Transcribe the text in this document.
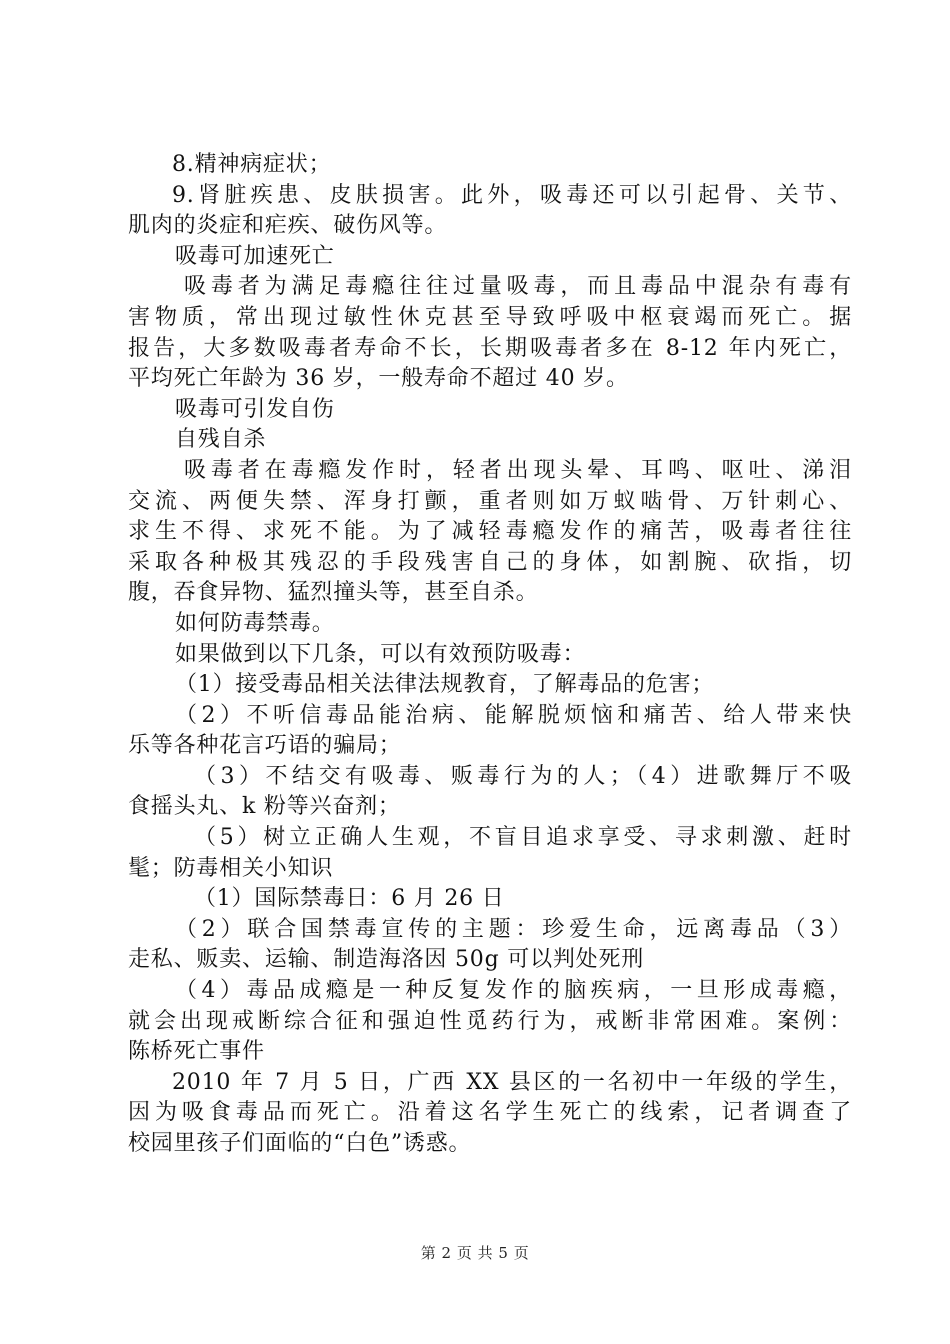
8.精神病症状；
9.肾脏疾患、皮肤损害。此外，吸毒还可以引起骨、关节、
肌肉的炎症和疟疾、破伤风等。
吸毒可加速死亡
吸毒者为满足毒瘾往往过量吸毒，而且毒品中混杂有毒有
害物质，常出现过敏性休克甚至导致呼吸中枢衰竭而死亡。据
报告，大多数吸毒者寿命不长，长期吸毒者多在 8-12 年内死亡，
平均死亡年龄为 36 岁，一般寿命不超过 40 岁。
吸毒可引发自伤
自残自杀
吸毒者在毒瘾发作时，轻者出现头晕、耳鸣、呕吐、涕泪
交流、两便失禁、浑身打颤，重者则如万蚁啮骨、万针刺心、
求生不得、求死不能。为了减轻毒瘾发作的痛苦，吸毒者往往
采取各种极其残忍的手段残害自己的身体，如割腕、砍指，切
腹，吞食异物、猛烈撞头等，甚至自杀。
如何防毒禁毒。
如果做到以下几条，可以有效预防吸毒：
（1）接受毒品相关法律法规教育，了解毒品的危害；
（2）不听信毒品能治病、能解脱烦恼和痛苦、给人带来快
乐等各种花言巧语的骗局；
（3）不结交有吸毒、贩毒行为的人；（4）进歌舞厅不吸
食摇头丸、k 粉等兴奋剂；
（5）树立正确人生观，不盲目追求享受、寻求刺激、赶时
髦；防毒相关小知识
（1）国际禁毒日：6 月 26 日
（2）联合国禁毒宣传的主题：珍爱生命，远离毒品（3）
走私、贩卖、运输、制造海洛因 50g 可以判处死刑
（4）毒品成瘾是一种反复发作的脑疾病，一旦形成毒瘾，
就会出现戒断综合征和强迫性觅药行为，戒断非常困难。案例：
陈桥死亡事件
2010 年 7 月 5 日，广西 XX 县区的一名初中一年级的学生，
因为吸食毒品而死亡。沿着这名学生死亡的线索，记者调查了
校园里孩子们面临的“白色”诱惑。
第 2 页 共 5 页
